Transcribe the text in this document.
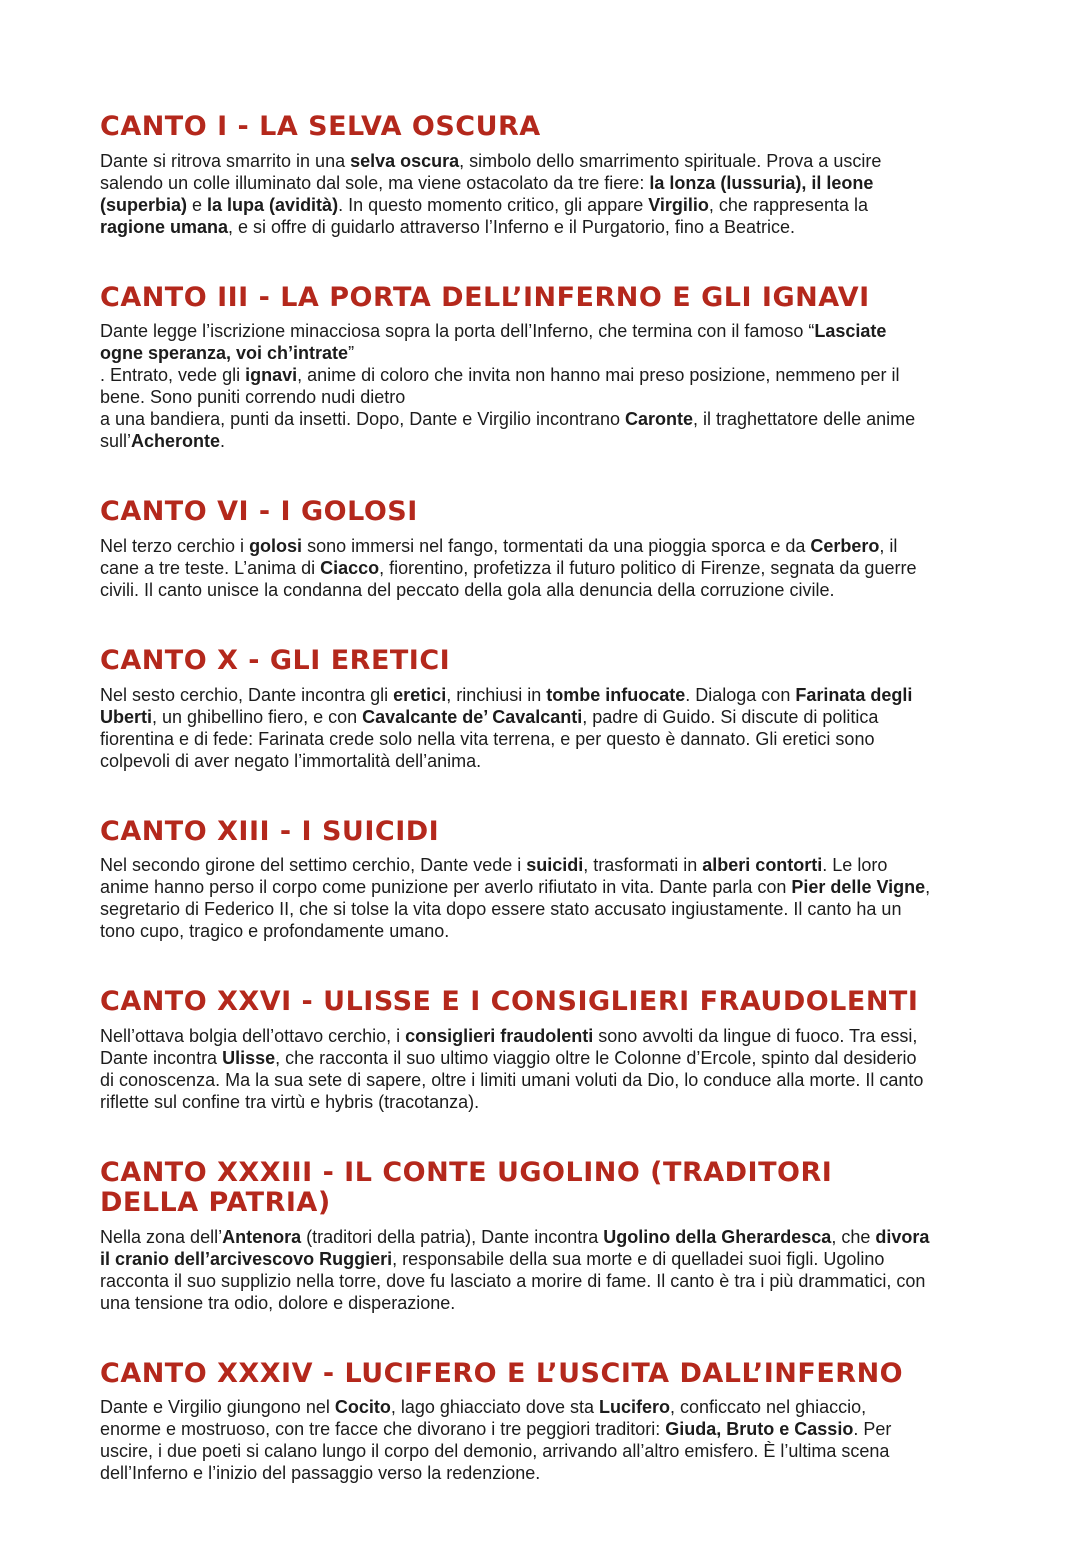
CANTO I - LA SELVA OSCURA

Dante si ritrova smarrito in una selva oscura, simbolo dello smarrimento spirituale. Prova a uscire salendo un colle illuminato dal sole, ma viene ostacolato da tre fiere: la lonza (lussuria), il leone (superbia) e la lupa (avidità). In questo momento critico, gli appare Virgilio, che rappresenta la ragione umana, e si offre di guidarlo attraverso l’Inferno e il Purgatorio, fino a Beatrice.

CANTO III - LA PORTA DELL’INFERNO E GLI IGNAVI

Dante legge l’iscrizione minacciosa sopra la porta dell’Inferno, che termina con il famoso “Lasciate ogne speranza, voi ch’intrate”
. Entrato, vede gli ignavi, anime di coloro che invita non hanno mai preso posizione, nemmeno per il bene. Sono puniti correndo nudi dietro
a una bandiera, punti da insetti. Dopo, Dante e Virgilio incontrano Caronte, il traghettatore delle anime sull’Acheronte.

CANTO VI - I GOLOSI

Nel terzo cerchio i golosi sono immersi nel fango, tormentati da una pioggia sporca e da Cerbero, il cane a tre teste. L’anima di Ciacco, fiorentino, profetizza il futuro politico di Firenze, segnata da guerre civili. Il canto unisce la condanna del peccato della gola alla denuncia della corruzione civile.

CANTO X - GLI ERETICI

Nel sesto cerchio, Dante incontra gli eretici, rinchiusi in tombe infuocate. Dialoga con Farinata degli Uberti, un ghibellino fiero, e con Cavalcante de’ Cavalcanti, padre di Guido. Si discute di politica fiorentina e di fede: Farinata crede solo nella vita terrena, e per questo è dannato. Gli eretici sono colpevoli di aver negato l’immortalità dell’anima.

CANTO XIII - I SUICIDI

Nel secondo girone del settimo cerchio, Dante vede i suicidi, trasformati in alberi contorti. Le loro anime hanno perso il corpo come punizione per averlo rifiutato in vita. Dante parla con Pier delle Vigne, segretario di Federico II, che si tolse la vita dopo essere stato accusato ingiustamente. Il canto ha un tono cupo, tragico e profondamente umano.

CANTO XXVI - ULISSE E I CONSIGLIERI FRAUDOLENTI

Nell’ottava bolgia dell’ottavo cerchio, i consiglieri fraudolenti sono avvolti da lingue di fuoco. Tra essi, Dante incontra Ulisse, che racconta il suo ultimo viaggio oltre le Colonne d’Ercole, spinto dal desiderio di conoscenza. Ma la sua sete di sapere, oltre i limiti umani voluti da Dio, lo conduce alla morte. Il canto riflette sul confine tra virtù e hybris (tracotanza).

CANTO XXXIII - IL CONTE UGOLINO (TRADITORI DELLA PATRIA)

Nella zona dell’Antenora (traditori della patria), Dante incontra Ugolino della Gherardesca, che divora il cranio dell’arcivescovo Ruggieri, responsabile della sua morte e di quelladei suoi figli. Ugolino racconta il suo supplizio nella torre, dove fu lasciato a morire di fame. Il canto è tra i più drammatici, con una tensione tra odio, dolore e disperazione.

CANTO XXXIV - LUCIFERO E L’USCITA DALL’INFERNO

Dante e Virgilio giungono nel Cocito, lago ghiacciato dove sta Lucifero, conficcato nel ghiaccio, enorme e mostruoso, con tre facce che divorano i tre peggiori traditori: Giuda, Bruto e Cassio. Per uscire, i due poeti si calano lungo il corpo del demonio, arrivando all’altro emisfero. È l’ultima scena dell’Inferno e l’inizio del passaggio verso la redenzione.
